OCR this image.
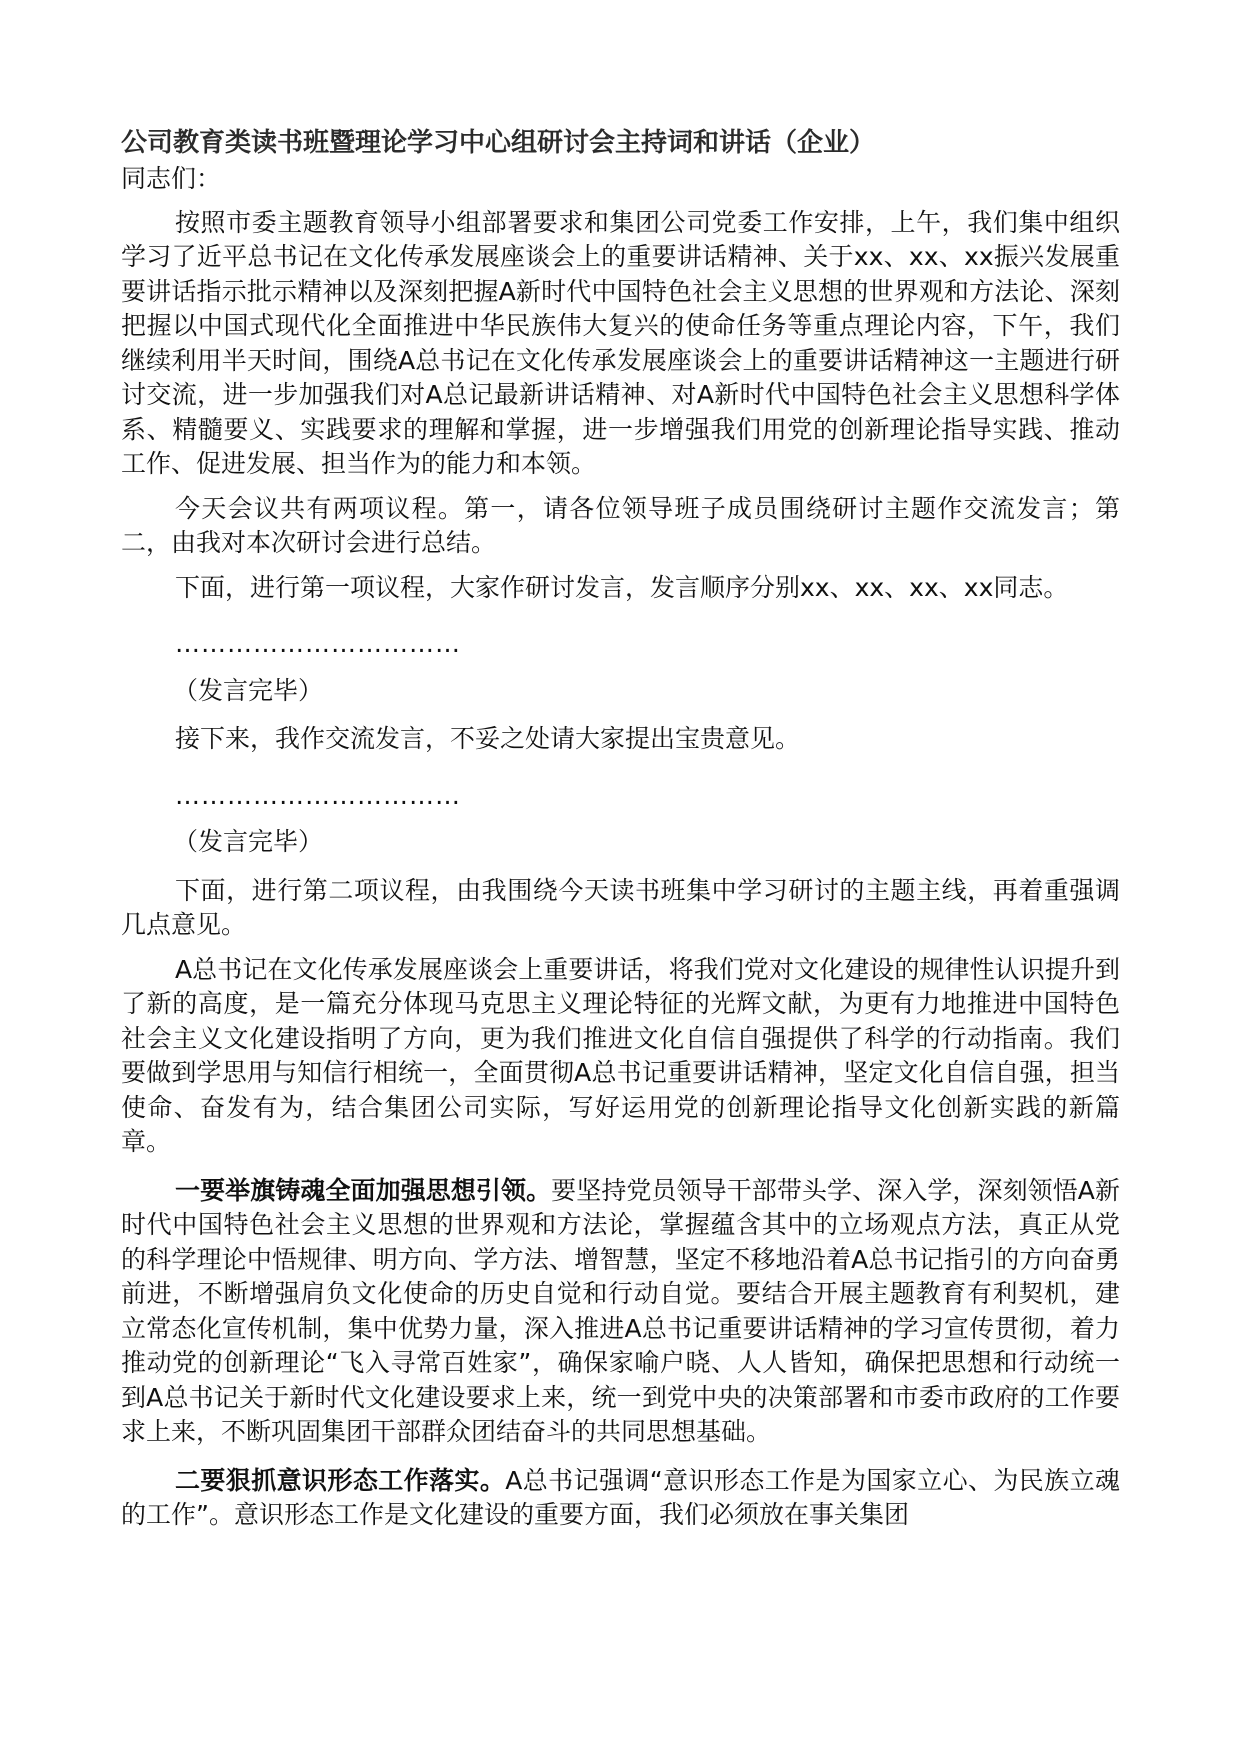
公司教育类读书班暨理论学习中心组研讨会主持词和讲话（企业）

同志们：

按照市委主题教育领导小组部署要求和集团公司党委工作安排，上午，我们集中组织学习了近平总书记在文化传承发展座谈会上的重要讲话精神、关于xx、xx、xx振兴发展重要讲话指示批示精神以及深刻把握A新时代中国特色社会主义思想的世界观和方法论、深刻把握以中国式现代化全面推进中华民族伟大复兴的使命任务等重点理论内容，下午，我们继续利用半天时间，围绕A总书记在文化传承发展座谈会上的重要讲话精神这一主题进行研讨交流，进一步加强我们对A总记最新讲话精神、对A新时代中国特色社会主义思想科学体系、精髓要义、实践要求的理解和掌握，进一步增强我们用党的创新理论指导实践、推动工作、促进发展、担当作为的能力和本领。

今天会议共有两项议程。第一，请各位领导班子成员围绕研讨主题作交流发言；第二，由我对本次研讨会进行总结。

下面，进行第一项议程，大家作研讨发言，发言顺序分别xx、xx、xx、xx同志。

……………………………

（发言完毕）

接下来，我作交流发言，不妥之处请大家提出宝贵意见。

……………………………

（发言完毕）

下面，进行第二项议程，由我围绕今天读书班集中学习研讨的主题主线，再着重强调几点意见。

A总书记在文化传承发展座谈会上重要讲话，将我们党对文化建设的规律性认识提升到了新的高度，是一篇充分体现马克思主义理论特征的光辉文献，为更有力地推进中国特色社会主义文化建设指明了方向，更为我们推进文化自信自强提供了科学的行动指南。我们要做到学思用与知信行相统一，全面贯彻A总书记重要讲话精神，坚定文化自信自强，担当使命、奋发有为，结合集团公司实际，写好运用党的创新理论指导文化创新实践的新篇章。

一要举旗铸魂全面加强思想引领。要坚持党员领导干部带头学、深入学，深刻领悟A新时代中国特色社会主义思想的世界观和方法论，掌握蕴含其中的立场观点方法，真正从党的科学理论中悟规律、明方向、学方法、增智慧，坚定不移地沿着A总书记指引的方向奋勇前进，不断增强肩负文化使命的历史自觉和行动自觉。要结合开展主题教育有利契机，建立常态化宣传机制，集中优势力量，深入推进A总书记重要讲话精神的学习宣传贯彻，着力推动党的创新理论“飞入寻常百姓家”，确保家喻户晓、人人皆知，确保把思想和行动统一到A总书记关于新时代文化建设要求上来，统一到党中央的决策部署和市委市政府的工作要求上来，不断巩固集团干部群众团结奋斗的共同思想基础。

二要狠抓意识形态工作落实。A总书记强调“意识形态工作是为国家立心、为民族立魂的工作”。意识形态工作是文化建设的重要方面，我们必须放在事关集团
